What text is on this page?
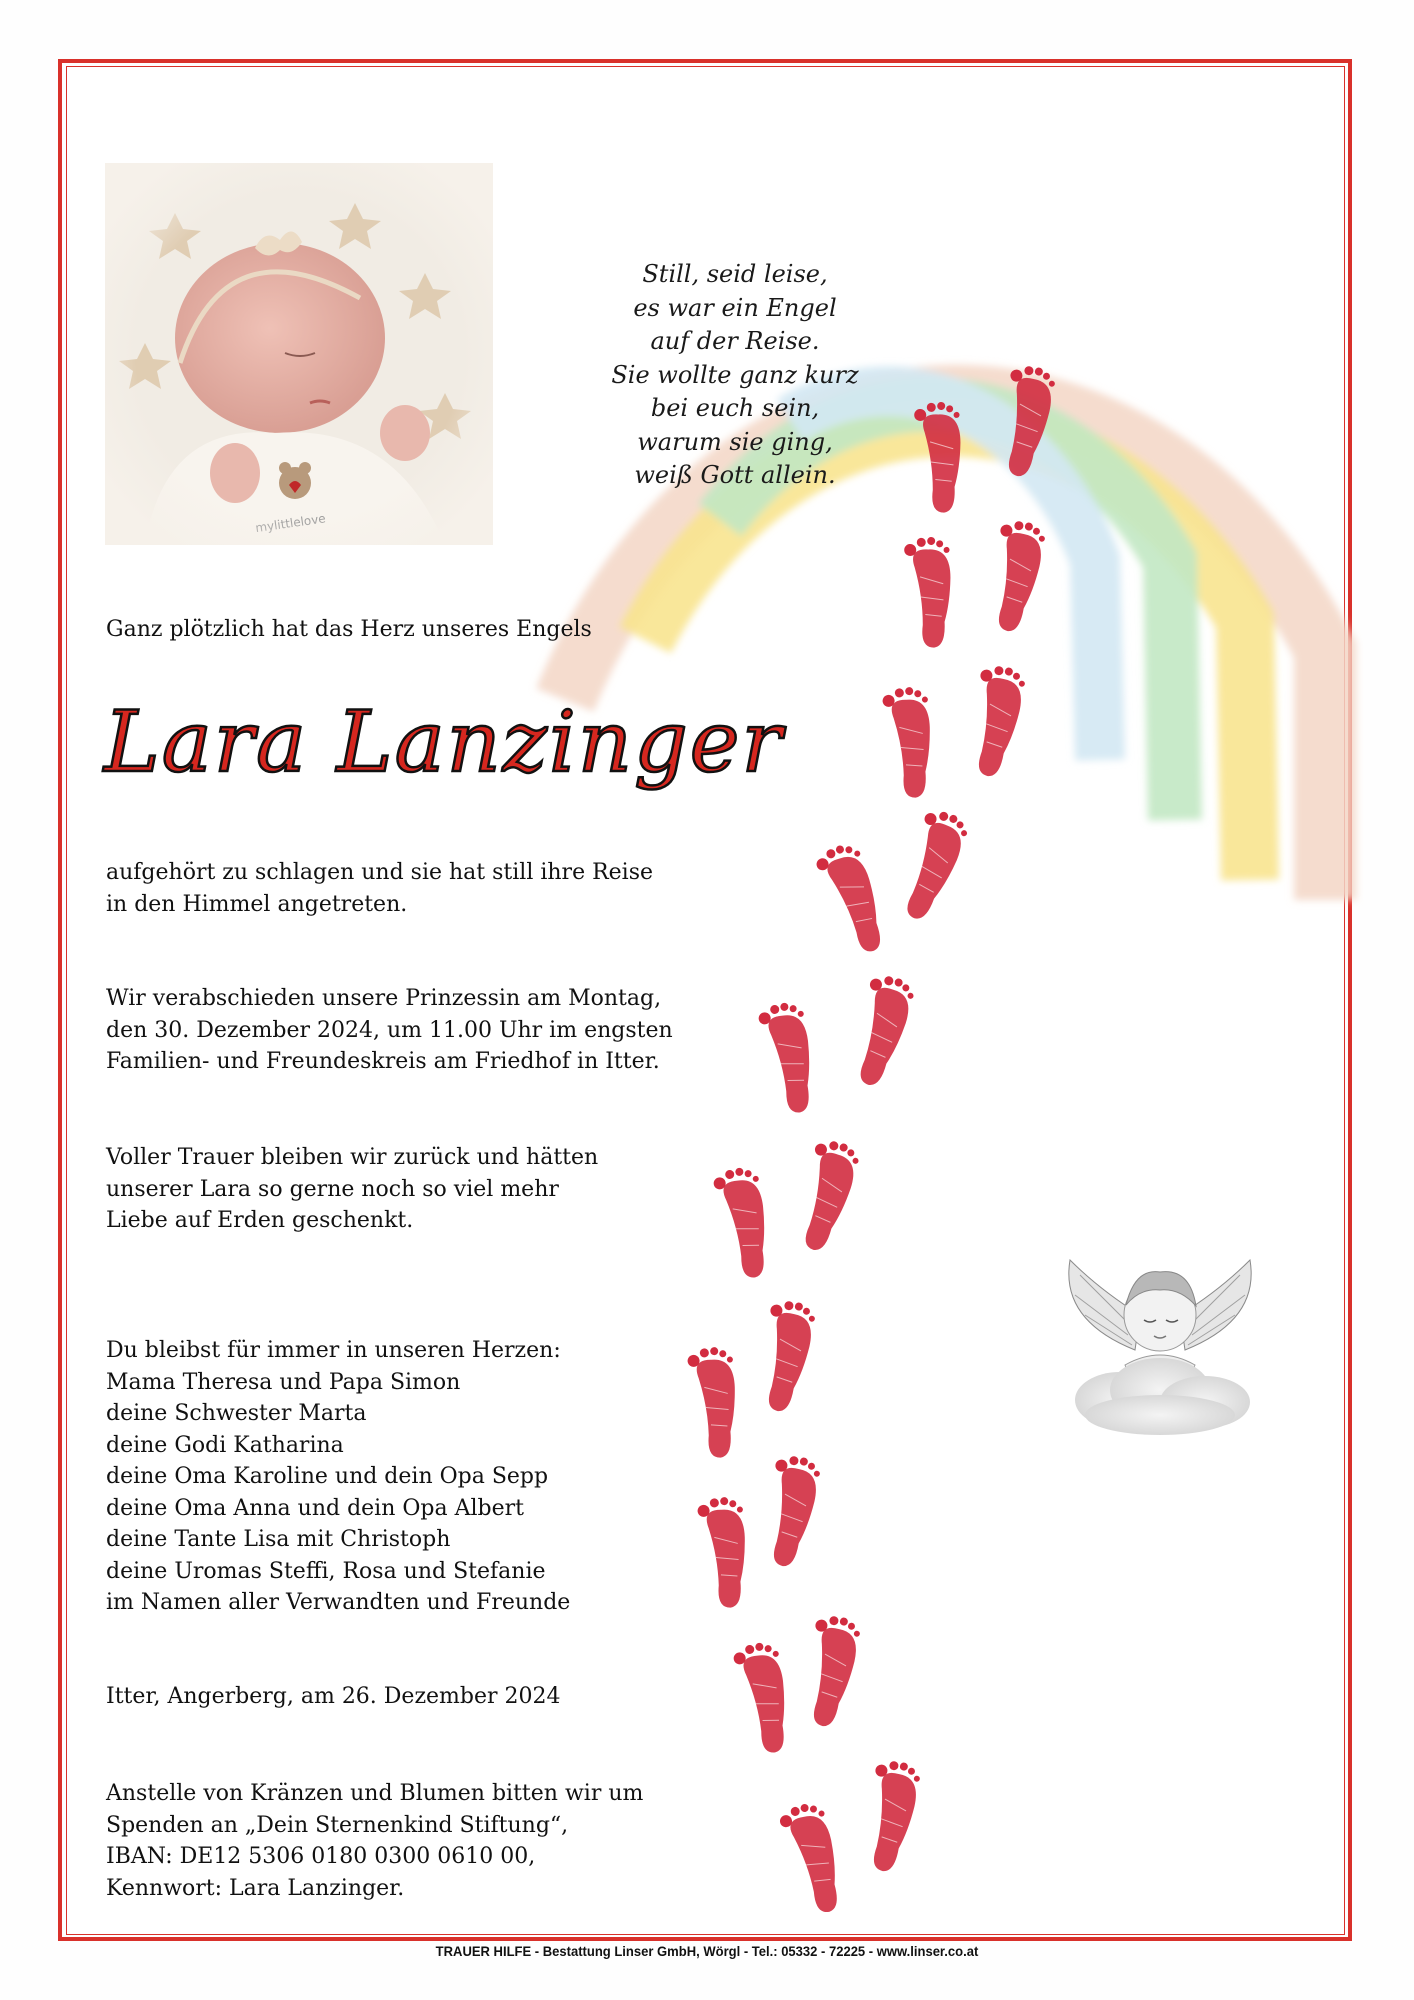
Still, seid leise,
es war ein Engel
auf der Reise.
Sie wollte ganz kurz
bei euch sein,
warum sie ging,
weiß Gott allein.
Ganz plötzlich hat das Herz unseres Engels
Lara Lanzinger
aufgehört zu schlagen und sie hat still ihre Reise
in den Himmel angetreten.
Wir verabschieden unsere Prinzessin am Montag,
den 30. Dezember 2024, um 11.00 Uhr im engsten
Familien- und Freundeskreis am Friedhof in Itter.
Voller Trauer bleiben wir zurück und hätten
unserer Lara so gerne noch so viel mehr
Liebe auf Erden geschenkt.
Du bleibst für immer in unseren Herzen:
Mama Theresa und Papa Simon
deine Schwester Marta
deine Godi Katharina
deine Oma Karoline und dein Opa Sepp
deine Oma Anna und dein Opa Albert
deine Tante Lisa mit Christoph
deine Uromas Steffi, Rosa und Stefanie
im Namen aller Verwandten und Freunde
Itter, Angerberg, am 26. Dezember 2024
Anstelle von Kränzen und Blumen bitten wir um
Spenden an „Dein Sternenkind Stiftung“,
IBAN: DE12 5306 0180 0300 0610 00,
Kennwort: Lara Lanzinger.
TRAUER HILFE - Bestattung Linser GmbH, Wörgl - Tel.: 05332 - 72225 - www.linser.co.at
